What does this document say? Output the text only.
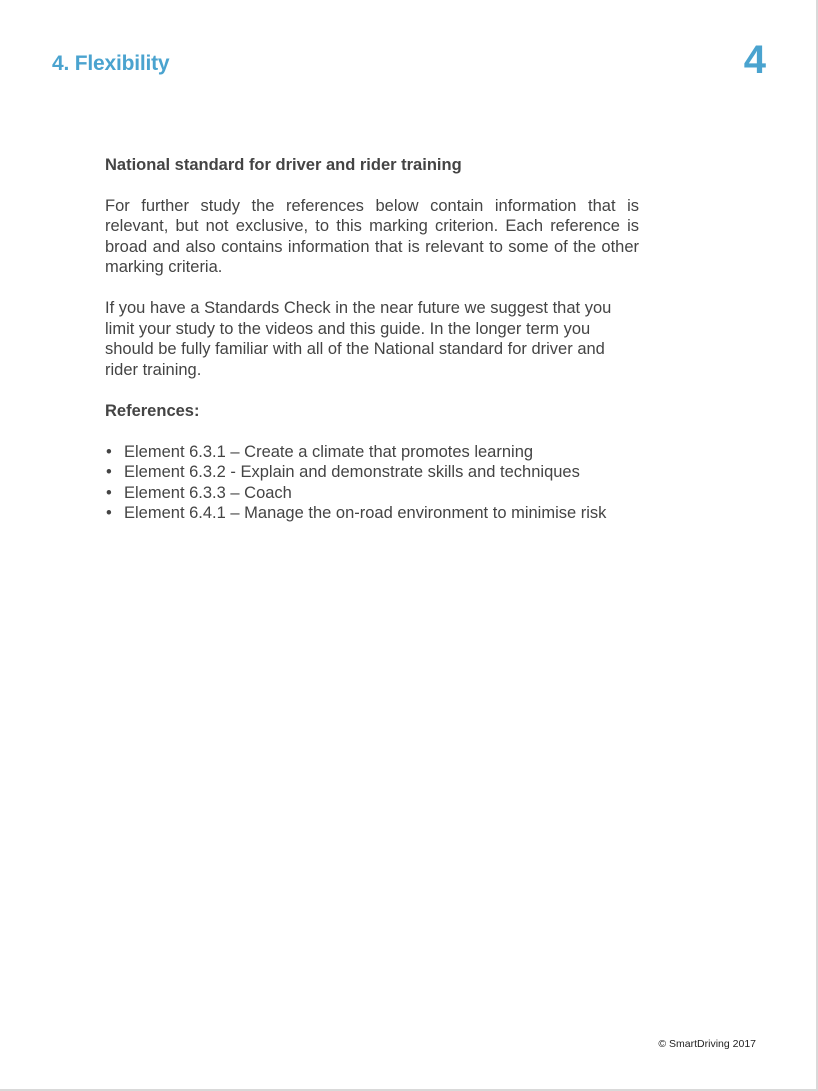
4. Flexibility	4
National standard for driver and rider training

For further study the references below contain information that is relevant, but not exclusive, to this marking criterion. Each reference is broad and also contains information that is relevant to some of the other marking criteria.

If you have a Standards Check in the near future we suggest that you limit your study to the videos and this guide. In the longer term you should be fully familiar with all of the National standard for driver and rider training.

References:
• Element 6.3.1 – Create a climate that promotes learning
• Element 6.3.2 - Explain and demonstrate skills and techniques
• Element 6.3.3 – Coach
• Element 6.4.1 – Manage the on-road environment to minimise risk
© SmartDriving 2017
